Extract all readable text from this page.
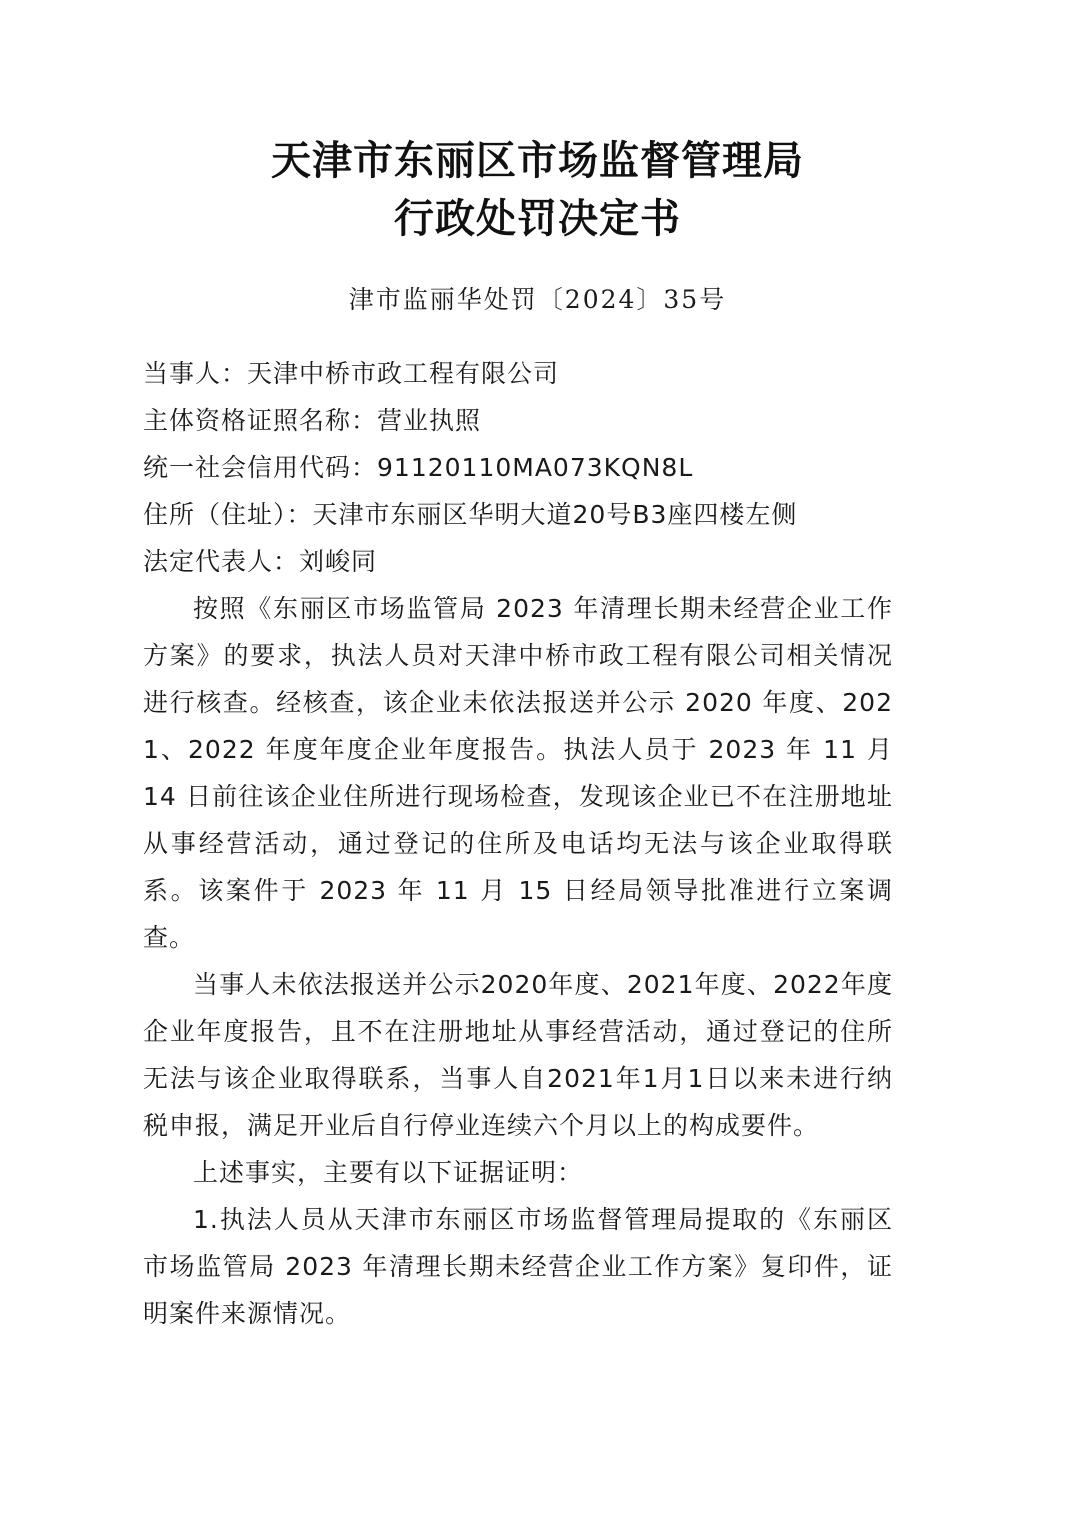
天津市东丽区市场监督管理局
行政处罚决定书
津市监丽华处罚〔2024〕35号

当事人：天津中桥市政工程有限公司

主体资格证照名称：营业执照

统一社会信用代码：91120110MA073KQN8L

住所（住址）：天津市东丽区华明大道20号B3座四楼左侧

法定代表人：刘峻同

按照《东丽区市场监管局 2023 年清理长期未经营企业工作方案》的要求，执法人员对天津中桥市政工程有限公司相关情况进行核查。经核查，该企业未依法报送并公示 2020 年度、2021、2022 年度年度企业年度报告。执法人员于 2023 年 11 月 14 日前往该企业住所进行现场检查，发现该企业已不在注册地址从事经营活动，通过登记的住所及电话均无法与该企业取得联系。该案件于 2023 年 11 月 15 日经局领导批准进行立案调查。

当事人未依法报送并公示2020年度、2021年度、2022年度企业年度报告，且不在注册地址从事经营活动，通过登记的住所无法与该企业取得联系，当事人自2021年1月1日以来未进行纳税申报，满足开业后自行停业连续六个月以上的构成要件。

上述事实，主要有以下证据证明：

1.执法人员从天津市东丽区市场监督管理局提取的《东丽区市场监管局 2023 年清理长期未经营企业工作方案》复印件，证明案件来源情况。
